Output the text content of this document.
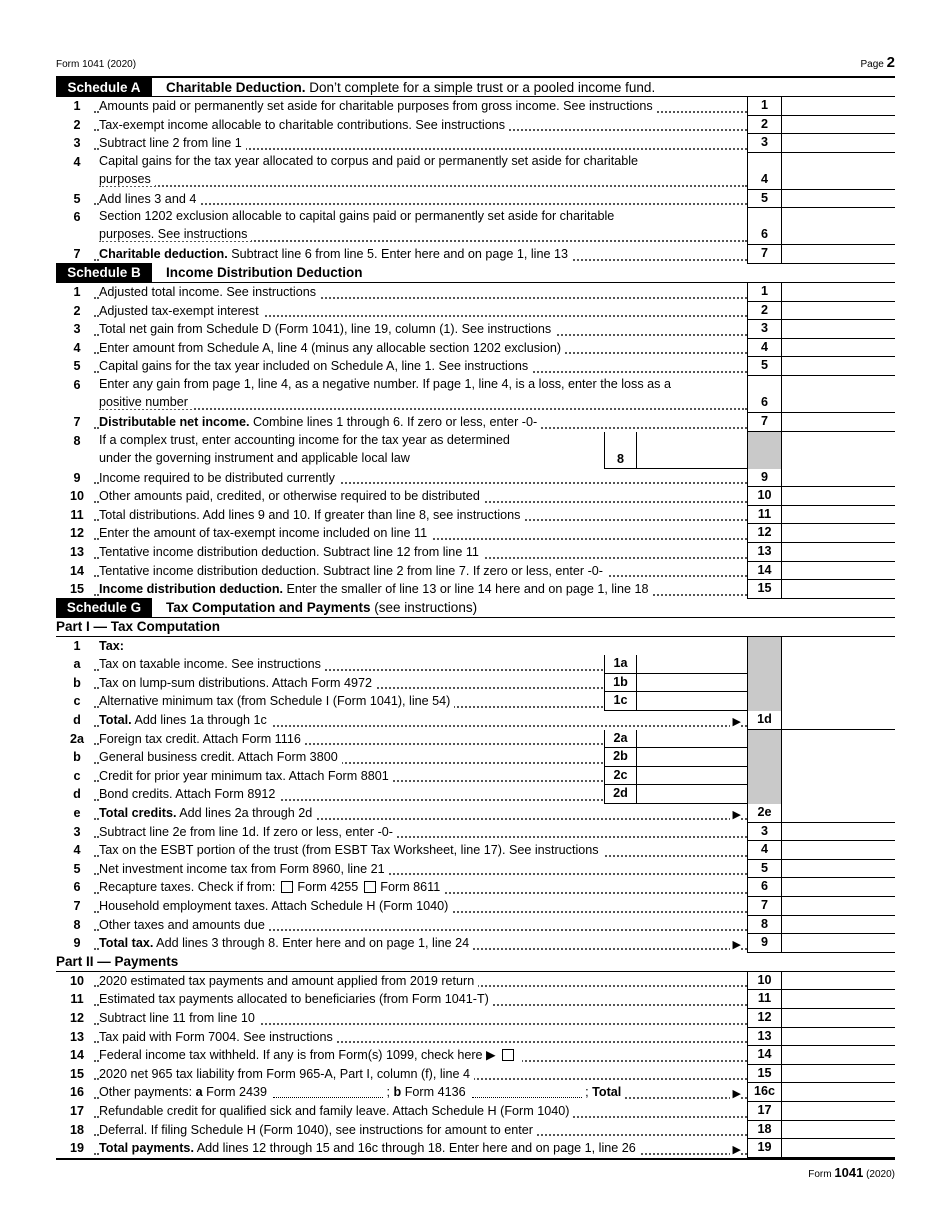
Form 1041 (2020)	Page 2
Schedule A	Charitable Deduction. Don’t complete for a simple trust or a pooled income fund.
1	Amounts paid or permanently set aside for charitable purposes from gross income. See instructions	1
2	Tax-exempt income allocable to charitable contributions. See instructions	2
3	Subtract line 2 from line 1	3
4	Capital gains for the tax year allocated to corpus and paid or permanently set aside for charitable
purposes	4
5	Add lines 3 and 4	5
6	Section 1202 exclusion allocable to capital gains paid or permanently set aside for charitable
purposes. See instructions	6
7	Charitable deduction. Subtract line 6 from line 5. Enter here and on page 1, line 13	7
Schedule B	Income Distribution Deduction
1	Adjusted total income. See instructions	1
2	Adjusted tax-exempt interest	2
3	Total net gain from Schedule D (Form 1041), line 19, column (1). See instructions	3
4	Enter amount from Schedule A, line 4 (minus any allocable section 1202 exclusion)	4
5	Capital gains for the tax year included on Schedule A, line 1. See instructions	5
6	Enter any gain from page 1, line 4, as a negative number. If page 1, line 4, is a loss, enter the loss as a
positive number	6
7	Distributable net income. Combine lines 1 through 6. If zero or less, enter -0-	7
8	If a complex trust, enter accounting income for the tax year as determined
under the governing instrument and applicable local law	8
9	Income required to be distributed currently	9
10	Other amounts paid, credited, or otherwise required to be distributed	10
11	Total distributions. Add lines 9 and 10. If greater than line 8, see instructions	11
12	Enter the amount of tax-exempt income included on line 11	12
13	Tentative income distribution deduction. Subtract line 12 from line 11	13
14	Tentative income distribution deduction. Subtract line 2 from line 7. If zero or less, enter -0-	14
15	Income distribution deduction. Enter the smaller of line 13 or line 14 here and on page 1, line 18	15
Schedule G	Tax Computation and Payments (see instructions)
Part I — Tax Computation
1	Tax:
a	Tax on taxable income. See instructions	1a
b	Tax on lump-sum distributions. Attach Form 4972	1b
c	Alternative minimum tax (from Schedule I (Form 1041), line 54)	1c
d	Total. Add lines 1a through 1c	▶	1d
2a	Foreign tax credit. Attach Form 1116	2a
b	General business credit. Attach Form 3800	2b
c	Credit for prior year minimum tax. Attach Form 8801	2c
d	Bond credits. Attach Form 8912	2d
e	Total credits. Add lines 2a through 2d	▶	2e
3	Subtract line 2e from line 1d. If zero or less, enter -0-	3
4	Tax on the ESBT portion of the trust (from ESBT Tax Worksheet, line 17). See instructions	4
5	Net investment income tax from Form 8960, line 21	5
6	Recapture taxes. Check if from: Form 4255 Form 8611	6
7	Household employment taxes. Attach Schedule H (Form 1040)	7
8	Other taxes and amounts due	8
9	Total tax. Add lines 3 through 8. Enter here and on page 1, line 24	▶	9
Part II — Payments
10	2020 estimated tax payments and amount applied from 2019 return	10
11	Estimated tax payments allocated to beneficiaries (from Form 1041-T)	11
12	Subtract line 11 from line 10	12
13	Tax paid with Form 7004. See instructions	13
14	Federal income tax withheld. If any is from Form(s) 1099, check here ▶	14
15	2020 net 965 tax liability from Form 965-A, Part I, column (f), line 4	15
16	Other payments: a Form 2439	; b Form 4136	; Total	▶	16c
17	Refundable credit for qualified sick and family leave. Attach Schedule H (Form 1040)	17
18	Deferral. If filing Schedule H (Form 1040), see instructions for amount to enter	18
19	Total payments. Add lines 12 through 15 and 16c through 18. Enter here and on page 1, line 26	▶	19
Form 1041 (2020)
